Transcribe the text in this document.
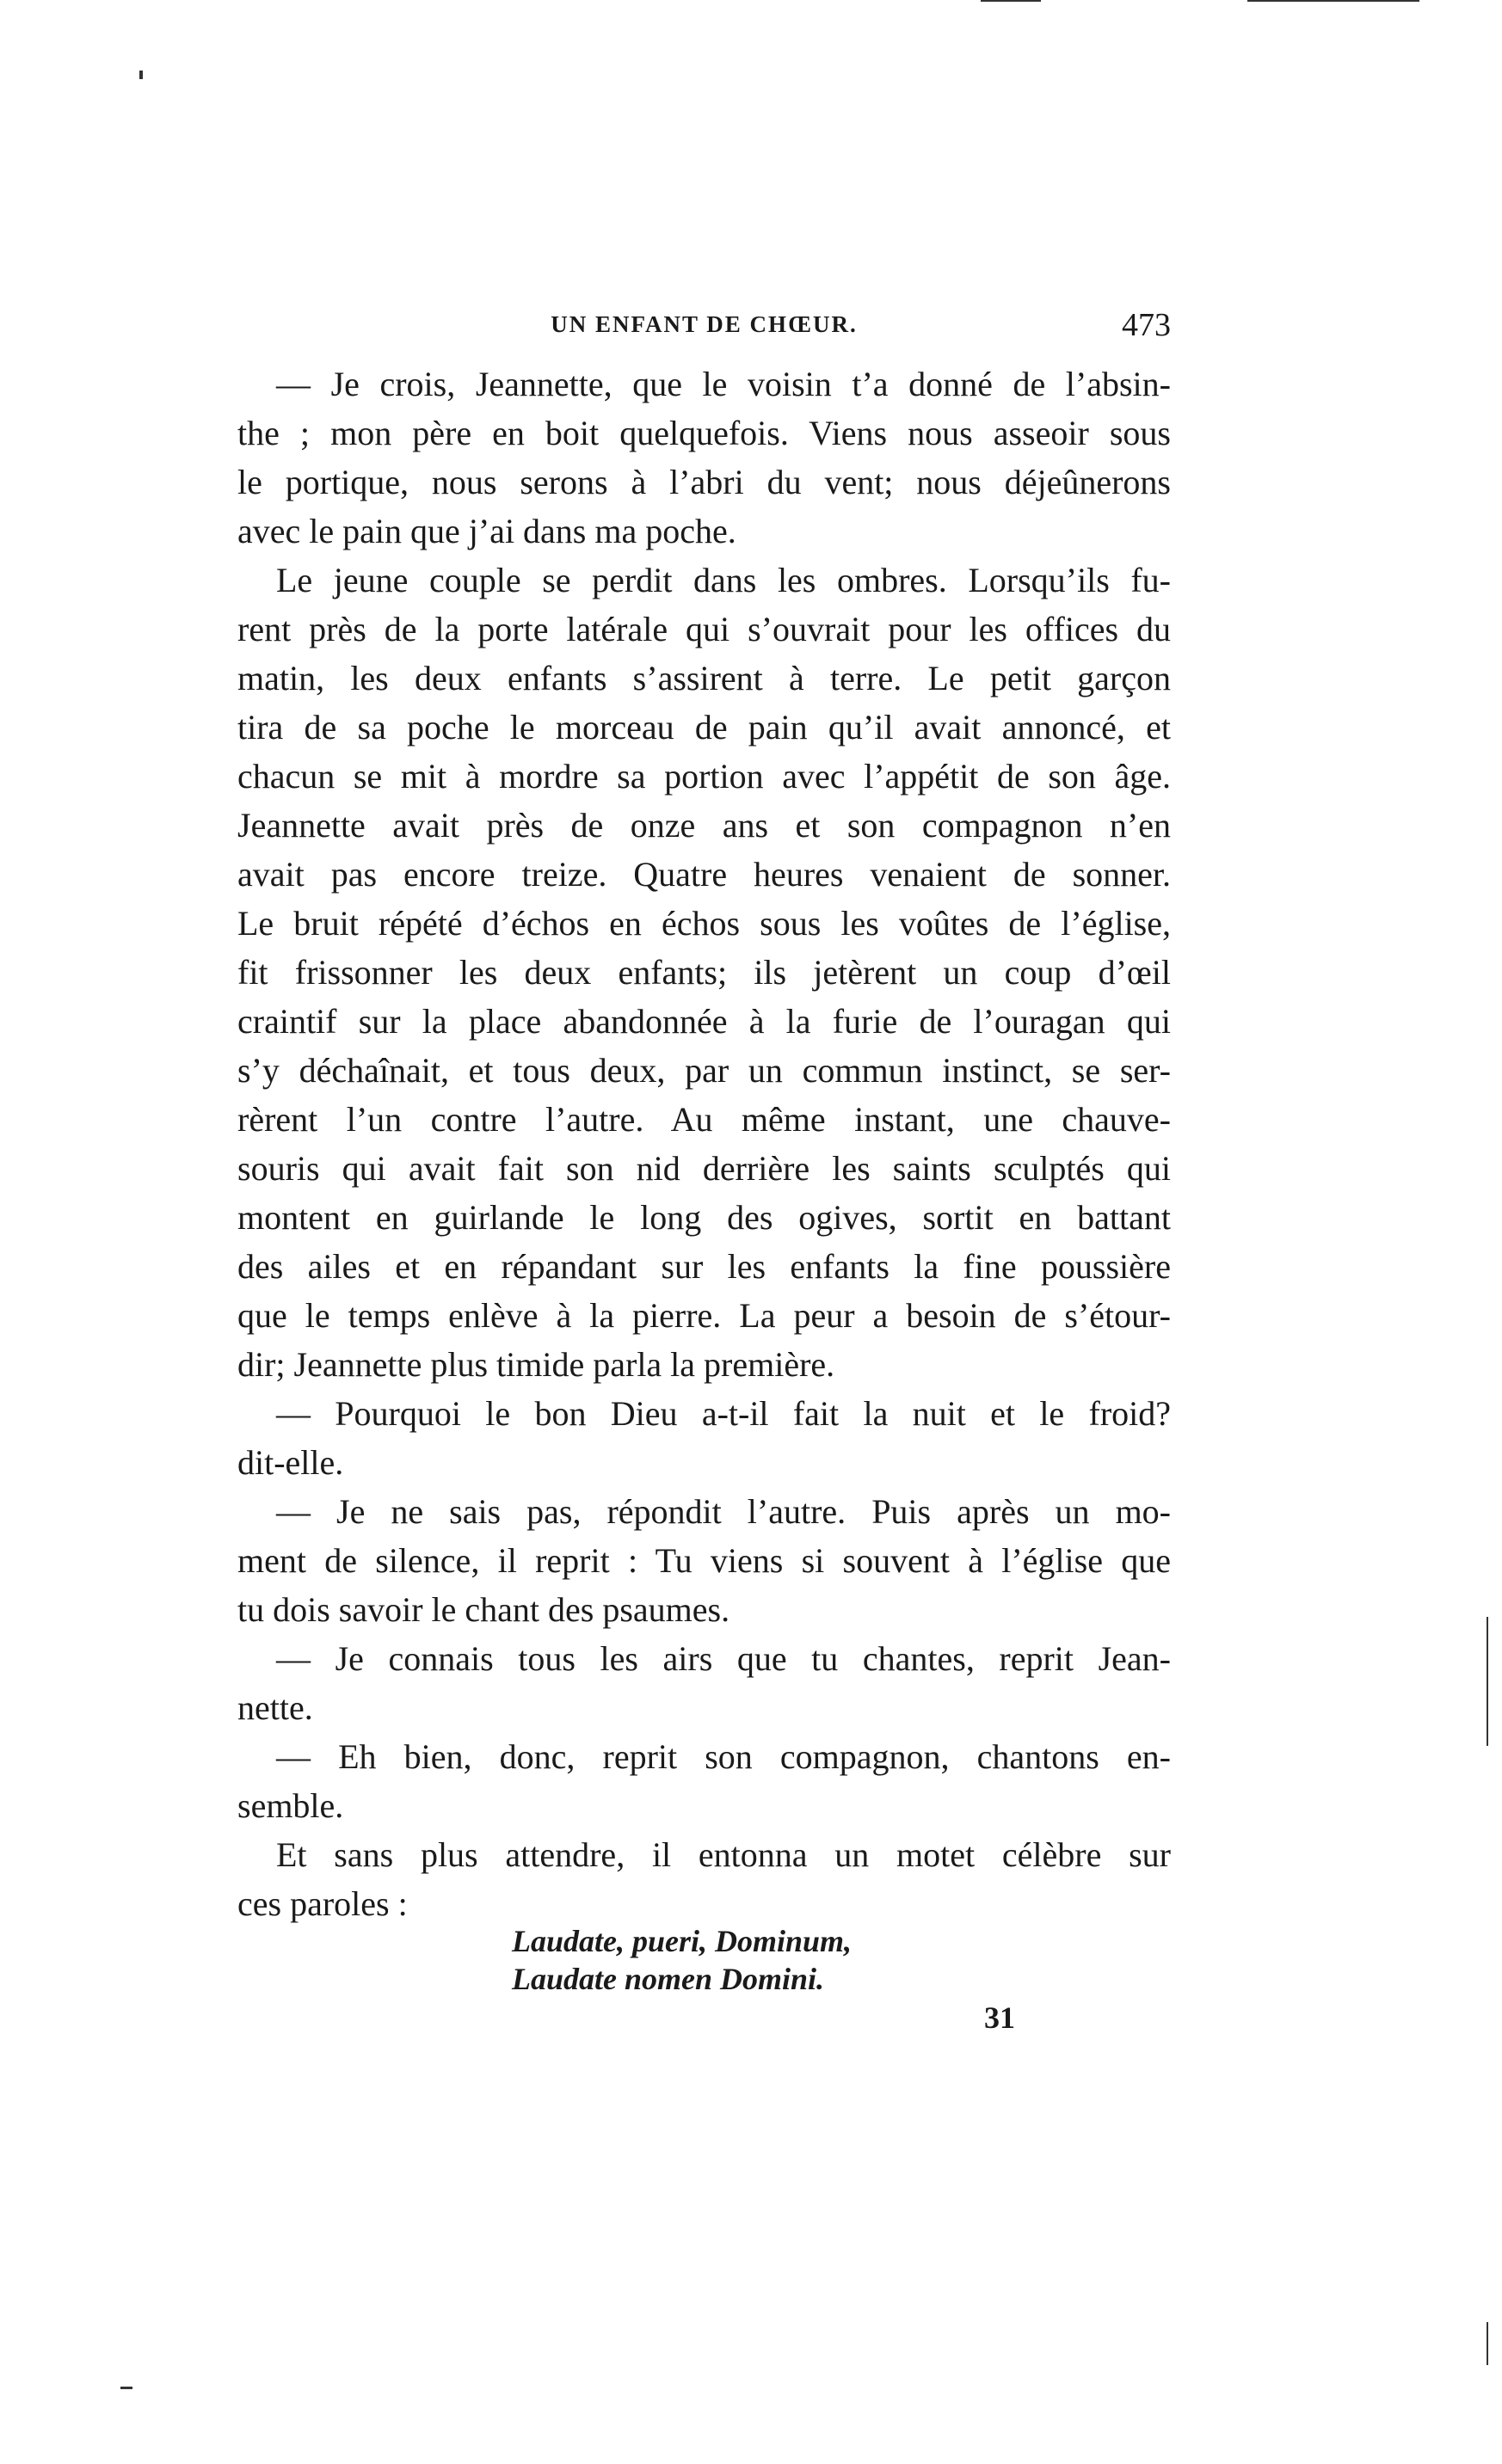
UN ENFANT DE CHŒUR.	473
— Je crois, Jeannette, que le voisin t’a donné de l’absin-
the ; mon père en boit quelquefois. Viens nous asseoir sous
le portique, nous serons à l’abri du vent; nous déjeûnerons
avec le pain que j’ai dans ma poche.
Le jeune couple se perdit dans les ombres. Lorsqu’ils fu-
rent près de la porte latérale qui s’ouvrait pour les offices du
matin, les deux enfants s’assirent à terre. Le petit garçon
tira de sa poche le morceau de pain qu’il avait annoncé, et
chacun se mit à mordre sa portion avec l’appétit de son âge.
Jeannette avait près de onze ans et son compagnon n’en
avait pas encore treize. Quatre heures venaient de sonner.
Le bruit répété d’échos en échos sous les voûtes de l’église,
fit frissonner les deux enfants; ils jetèrent un coup d’œil
craintif sur la place abandonnée à la furie de l’ouragan qui
s’y déchaînait, et tous deux, par un commun instinct, se ser-
rèrent l’un contre l’autre. Au même instant, une chauve-
souris qui avait fait son nid derrière les saints sculptés qui
montent en guirlande le long des ogives, sortit en battant
des ailes et en répandant sur les enfants la fine poussière
que le temps enlève à la pierre. La peur a besoin de s’étour-
dir; Jeannette plus timide parla la première.
— Pourquoi le bon Dieu a-t-il fait la nuit et le froid?
dit-elle.
— Je ne sais pas, répondit l’autre. Puis après un mo-
ment de silence, il reprit : Tu viens si souvent à l’église que
tu dois savoir le chant des psaumes.
— Je connais tous les airs que tu chantes, reprit Jean-
nette.
— Eh bien, donc, reprit son compagnon, chantons en-
semble.
Et sans plus attendre, il entonna un motet célèbre sur
ces paroles :
Laudate, pueri, Dominum,
Laudate nomen Domini.
31
